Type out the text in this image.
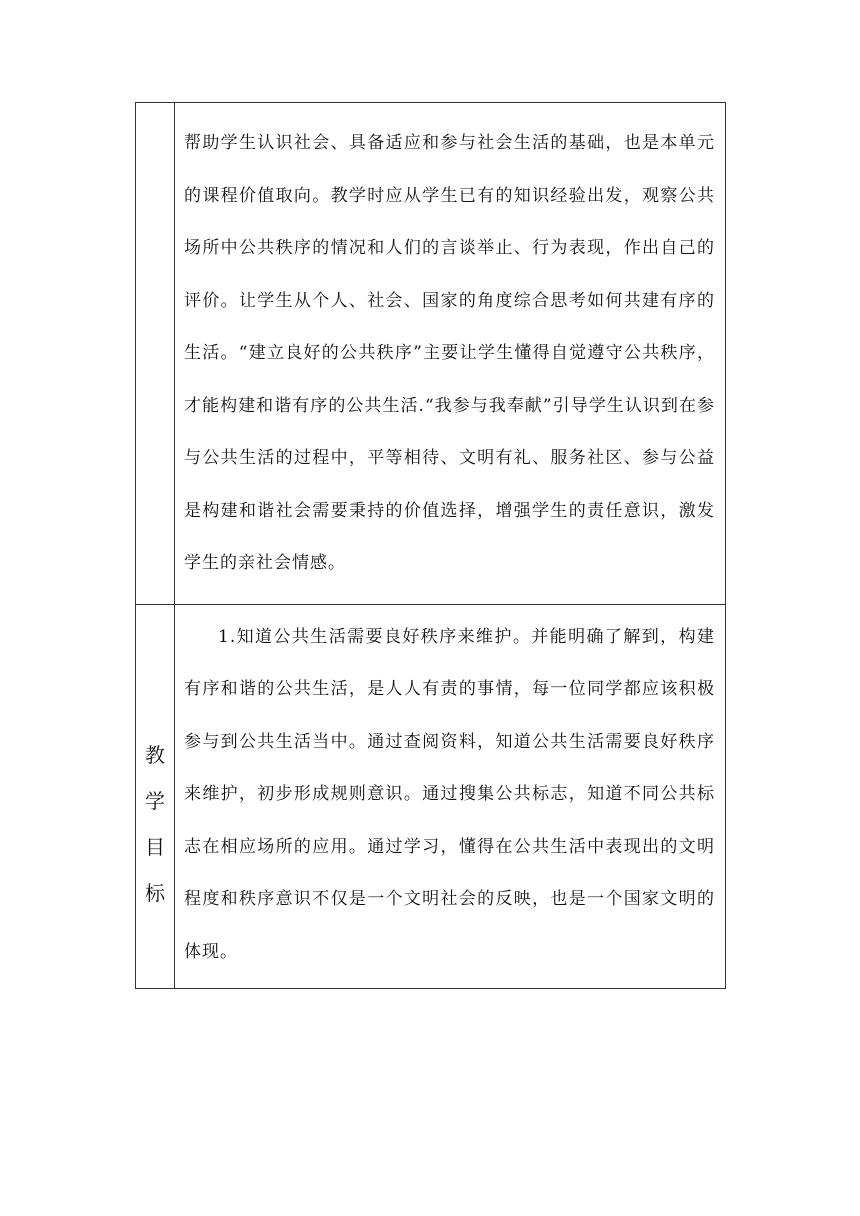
	帮助学生认识社会、具备适应和参与社会生活的基础，也是本单元的课程价值取向。教学时应从学生已有的知识经验出发，观察公共场所中公共秩序的情况和人们的言谈举止、行为表现，作出自己的评价。让学生从个人、社会、国家的角度综合思考如何共建有序的生活。“建立良好的公共秩序”主要让学生懂得自觉遵守公共秩序，才能构建和谐有序的公共生活.“我参与我奉献”引导学生认识到在参与公共生活的过程中，平等相待、文明有礼、服务社区、参与公益是构建和谐社会需要秉持的价值选择，增强学生的责任意识，激发学生的亲社会情感。

教学目标	1.知道公共生活需要良好秩序来维护。并能明确了解到，构建有序和谐的公共生活，是人人有责的事情，每一位同学都应该积极参与到公共生活当中。通过查阅资料，知道公共生活需要良好秩序来维护，初步形成规则意识。通过搜集公共标志，知道不同公共标志在相应场所的应用。通过学习，懂得在公共生活中表现出的文明程度和秩序意识不仅是一个文明社会的反映，也是一个国家文明的体现。
